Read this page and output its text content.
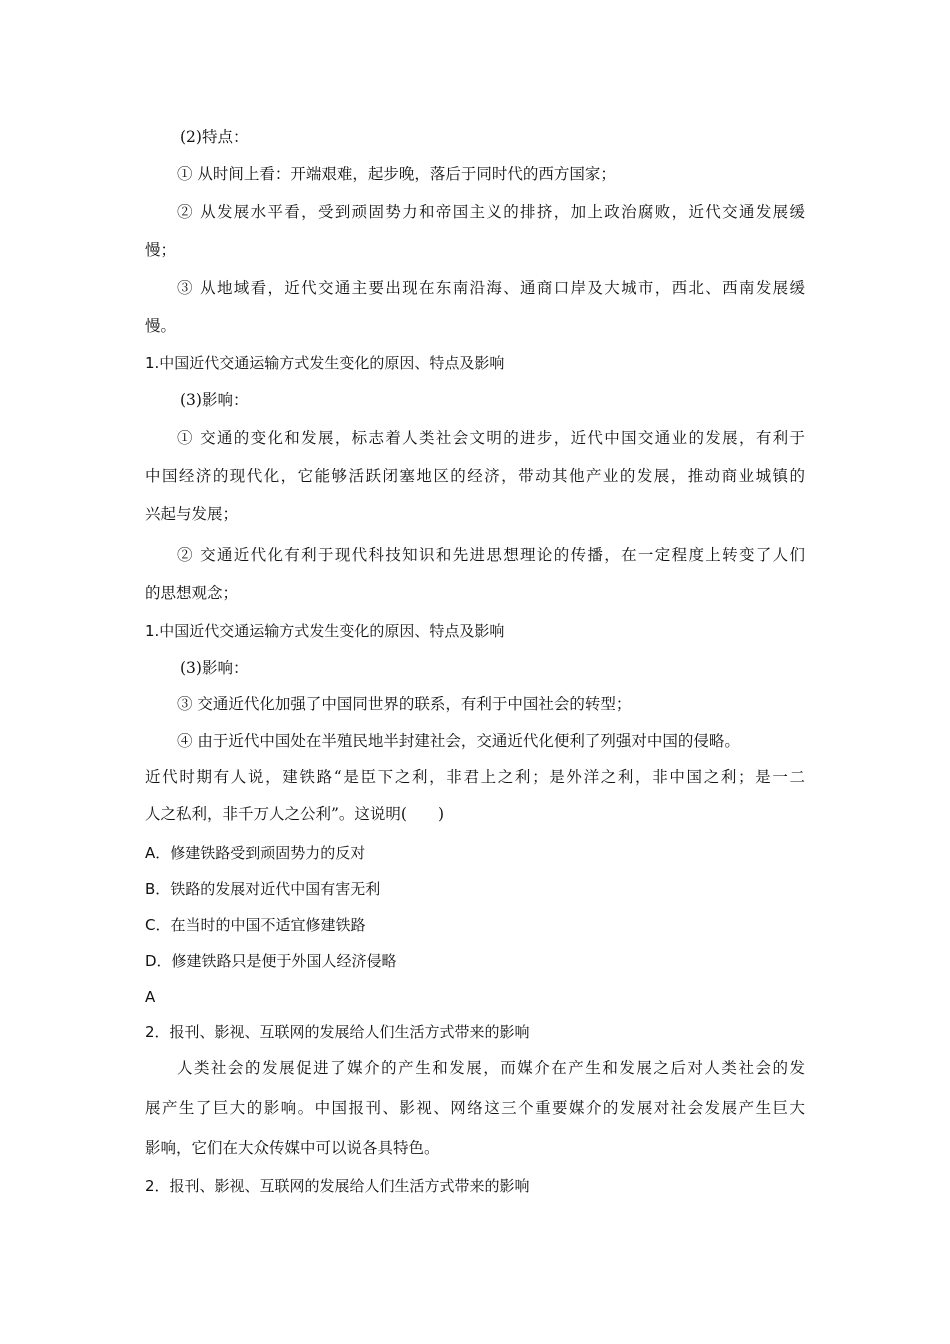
(2)特点：
① 从时间上看：开端艰难，起步晚，落后于同时代的西方国家；
② 从发展水平看，受到顽固势力和帝国主义的排挤，加上政治腐败，近代交通发展缓
慢；
③ 从地域看，近代交通主要出现在东南沿海、通商口岸及大城市，西北、西南发展缓
慢。
1.中国近代交通运输方式发生变化的原因、特点及影响
(3)影响：
① 交通的变化和发展，标志着人类社会文明的进步，近代中国交通业的发展，有利于
中国经济的现代化，它能够活跃闭塞地区的经济，带动其他产业的发展，推动商业城镇的
兴起与发展；
② 交通近代化有利于现代科技知识和先进思想理论的传播，在一定程度上转变了人们
的思想观念；
1.中国近代交通运输方式发生变化的原因、特点及影响
(3)影响：
③ 交通近代化加强了中国同世界的联系，有利于中国社会的转型；
④ 由于近代中国处在半殖民地半封建社会，交通近代化便利了列强对中国的侵略。
近代时期有人说，建铁路“是臣下之利，非君上之利；是外洋之利，非中国之利；是一二
人之私利，非千万人之公利”。这说明(　　)
A．修建铁路受到顽固势力的反对
B．铁路的发展对近代中国有害无利
C．在当时的中国不适宜修建铁路
D．修建铁路只是便于外国人经济侵略
A
2．报刊、影视、互联网的发展给人们生活方式带来的影响
人类社会的发展促进了媒介的产生和发展，而媒介在产生和发展之后对人类社会的发
展产生了巨大的影响。中国报刊、影视、网络这三个重要媒介的发展对社会发展产生巨大
影响，它们在大众传媒中可以说各具特色。
2．报刊、影视、互联网的发展给人们生活方式带来的影响
